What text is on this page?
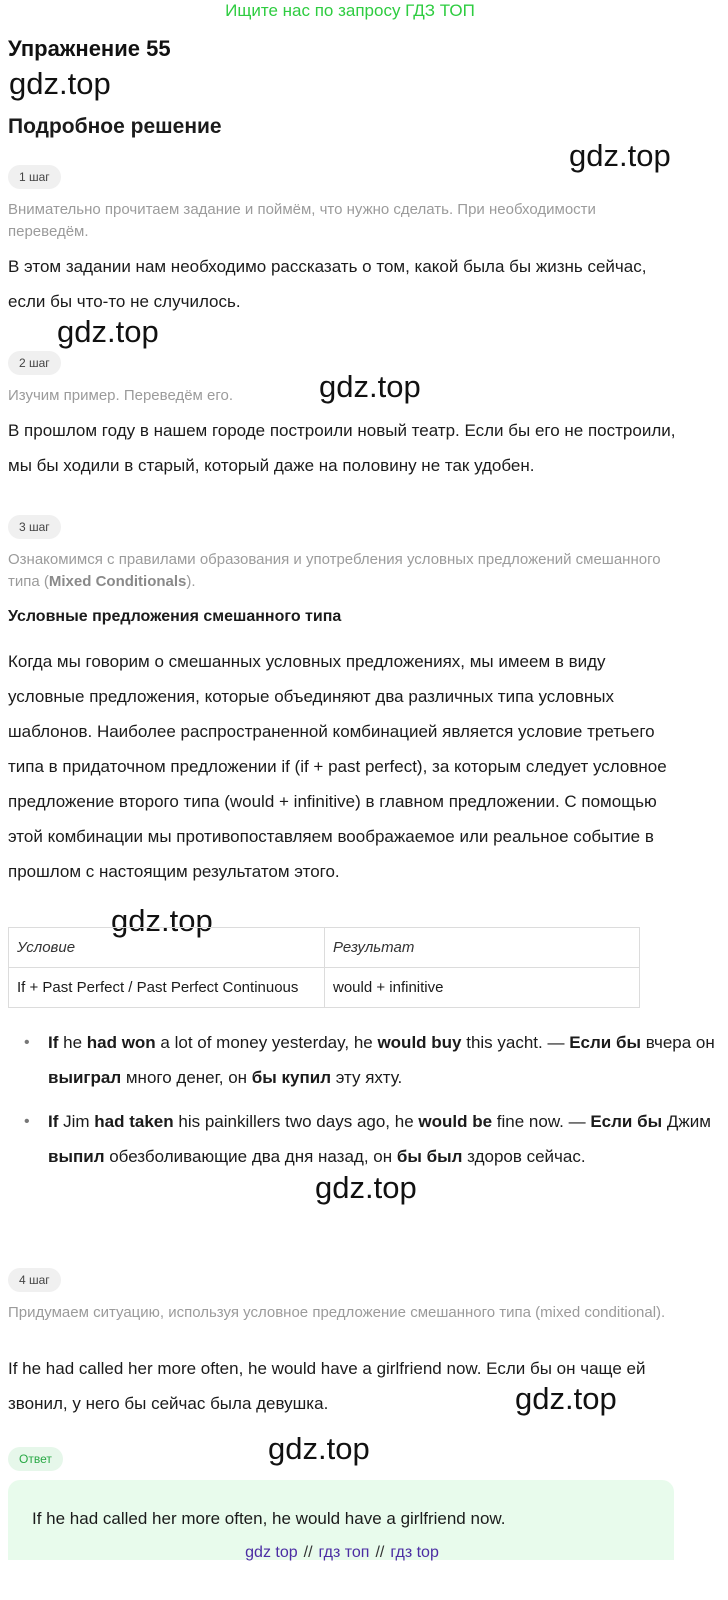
Ищите нас по запросу ГДЗ ТОП
Упражнение 55
gdz.top
Подробное решение
gdz.top
1 шаг
Внимательно прочитаем задание и поймём, что нужно сделать. При необходимости переведём.
В этом задании нам необходимо рассказать о том, какой была бы жизнь сейчас, если бы что-то не случилось.
gdz.top
2 шаг
Изучим пример. Переведём его.	gdz.top
В прошлом году в нашем городе построили новый театр. Если бы его не построили, мы бы ходили в старый, который даже на половину не так удобен.
3 шаг
Ознакомимся с правилами образования и употребления условных предложений смешанного типа (Mixed Conditionals).
Условные предложения смешанного типа
Когда мы говорим о смешанных условных предложениях, мы имеем в виду условные предложения, которые объединяют два различных типа условных шаблонов. Наиболее распространенной комбинацией является условие третьего типа в придаточном предложении if (if + past perfect), за которым следует условное предложение второго типа (would + infinitive) в главном предложении. С помощью этой комбинации мы противопоставляем воображаемое или реальное событие в прошлом с настоящим результатом этого.
gdz.top
Условие	Результат
If + Past Perfect / Past Perfect Continuous	would + infinitive
• If he had won a lot of money yesterday, he would buy this yacht. — Если бы вчера он выиграл много денег, он бы купил эту яхту.
• If Jim had taken his painkillers two days ago, he would be fine now. — Если бы Джим выпил обезболивающие два дня назад, он бы был здоров сейчас.
gdz.top
4 шаг
Придумаем ситуацию, используя условное предложение смешанного типа (mixed conditional).
If he had called her more often, he would have a girlfriend now. Если бы он чаще ей звонил, у него бы сейчас была девушка.	gdz.top
Ответ	gdz.top
If he had called her more often, he would have a girlfriend now.
gdz top // гдз топ // гдз top
